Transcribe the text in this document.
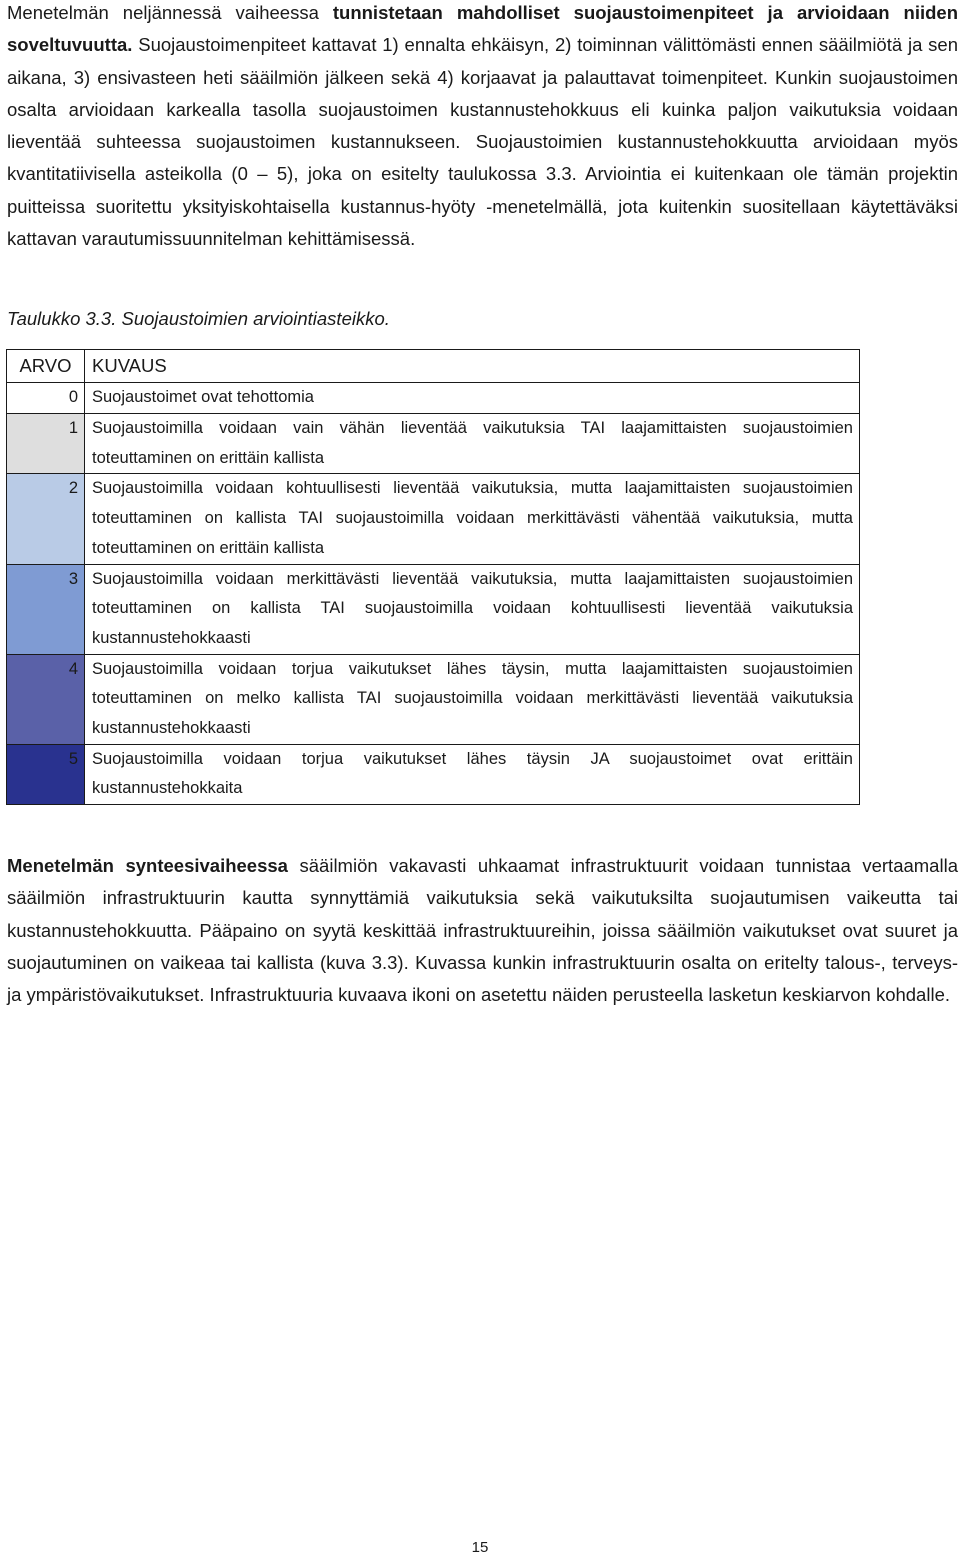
Menetelmän neljännessä vaiheessa tunnistetaan mahdolliset suojaustoimenpiteet ja arvioidaan niiden soveltuvuutta. Suojaustoimenpiteet kattavat 1) ennalta ehkäisyn, 2) toiminnan välittömästi ennen sääilmiötä ja sen aikana, 3) ensivasteen heti sääilmiön jälkeen sekä 4) korjaavat ja palauttavat toimenpiteet. Kunkin suojaustoimen osalta arvioidaan karkealla tasolla suojaustoimen kustannustehokkuus eli kuinka paljon vaikutuksia voidaan lieventää suhteessa suojaustoimen kustannukseen. Suojaustoimien kustannustehokkuutta arvioidaan myös kvantitatiivisella asteikolla (0 – 5), joka on esitelty taulukossa 3.3. Arviointia ei kuitenkaan ole tämän projektin puitteissa suoritettu yksityiskohtaisella kustannus-hyöty -menetelmällä, jota kuitenkin suositellaan käytettäväksi kattavan varautumissuunnitelman kehittämisessä.

Taulukko 3.3. Suojaustoimien arviointiasteikko.

ARVO	KUVAUS
0	Suojaustoimet ovat tehottomia
1	Suojaustoimilla voidaan vain vähän lieventää vaikutuksia TAI laajamittaisten suojaustoimien toteuttaminen on erittäin kallista
2	Suojaustoimilla voidaan kohtuullisesti lieventää vaikutuksia, mutta laajamittaisten suojaustoimien toteuttaminen on kallista TAI suojaustoimilla voidaan merkittävästi vähentää vaikutuksia, mutta toteuttaminen on erittäin kallista
3	Suojaustoimilla voidaan merkittävästi lieventää vaikutuksia, mutta laajamittaisten suojaustoimien toteuttaminen on kallista TAI suojaustoimilla voidaan kohtuullisesti lieventää vaikutuksia kustannustehokkaasti
4	Suojaustoimilla voidaan torjua vaikutukset lähes täysin, mutta laajamittaisten suojaustoimien toteuttaminen on melko kallista TAI suojaustoimilla voidaan merkittävästi lieventää vaikutuksia kustannustehokkaasti
5	Suojaustoimilla voidaan torjua vaikutukset lähes täysin JA suojaustoimet ovat erittäin kustannustehokkaita

Menetelmän synteesivaiheessa sääilmiön vakavasti uhkaamat infrastruktuurit voidaan tunnistaa vertaamalla sääilmiön infrastruktuurin kautta synnyttämiä vaikutuksia sekä vaikutuksilta suojautumisen vaikeutta tai kustannustehokkuutta. Pääpaino on syytä keskittää infrastruktuureihin, joissa sääilmiön vaikutukset ovat suuret ja suojautuminen on vaikeaa tai kallista (kuva 3.3). Kuvassa kunkin infrastruktuurin osalta on eritelty talous-, terveys- ja ympäristövaikutukset. Infrastruktuuria kuvaava ikoni on asetettu näiden perusteella lasketun keskiarvon kohdalle.

15
